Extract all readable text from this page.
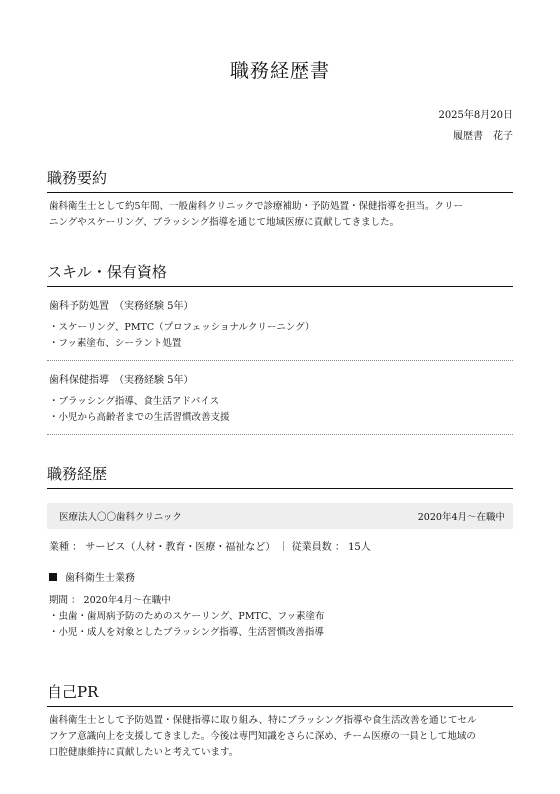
職務経歴書
2025年8月20日
履歴書　花子
職務要約

歯科衛生士として約5年間、一般歯科クリニックで診療補助・予防処置・保健指導を担当。クリー
ニングやスケーリング、ブラッシング指導を通じて地域医療に貢献してきました。

スキル・保有資格
歯科予防処置　（実務経験 5年）
・スケーリング、PMTC（プロフェッショナルクリーニング）
・フッ素塗布、シーラント処置
歯科保健指導　（実務経験 5年）
・ブラッシング指導、食生活アドバイス
・小児から高齢者までの生活習慣改善支援
職務経歴
医療法人〇〇歯科クリニック	2020年4月～在職中
業種 ： サービス（人材・教育・医療・福祉など） ｜ 従業員数 ： 15人
歯科衛生士業務
期間 ： 2020年4月～在職中
・虫歯・歯周病予防のためのスケーリング、PMTC、フッ素塗布
・小児・成人を対象としたブラッシング指導、生活習慣改善指導
自己PR

歯科衛生士として予防処置・保健指導に取り組み、特にブラッシング指導や食生活改善を通じてセル
フケア意識向上を支援してきました。今後は専門知識をさらに深め、チーム医療の一員として地域の
口腔健康維持に貢献したいと考えています。
